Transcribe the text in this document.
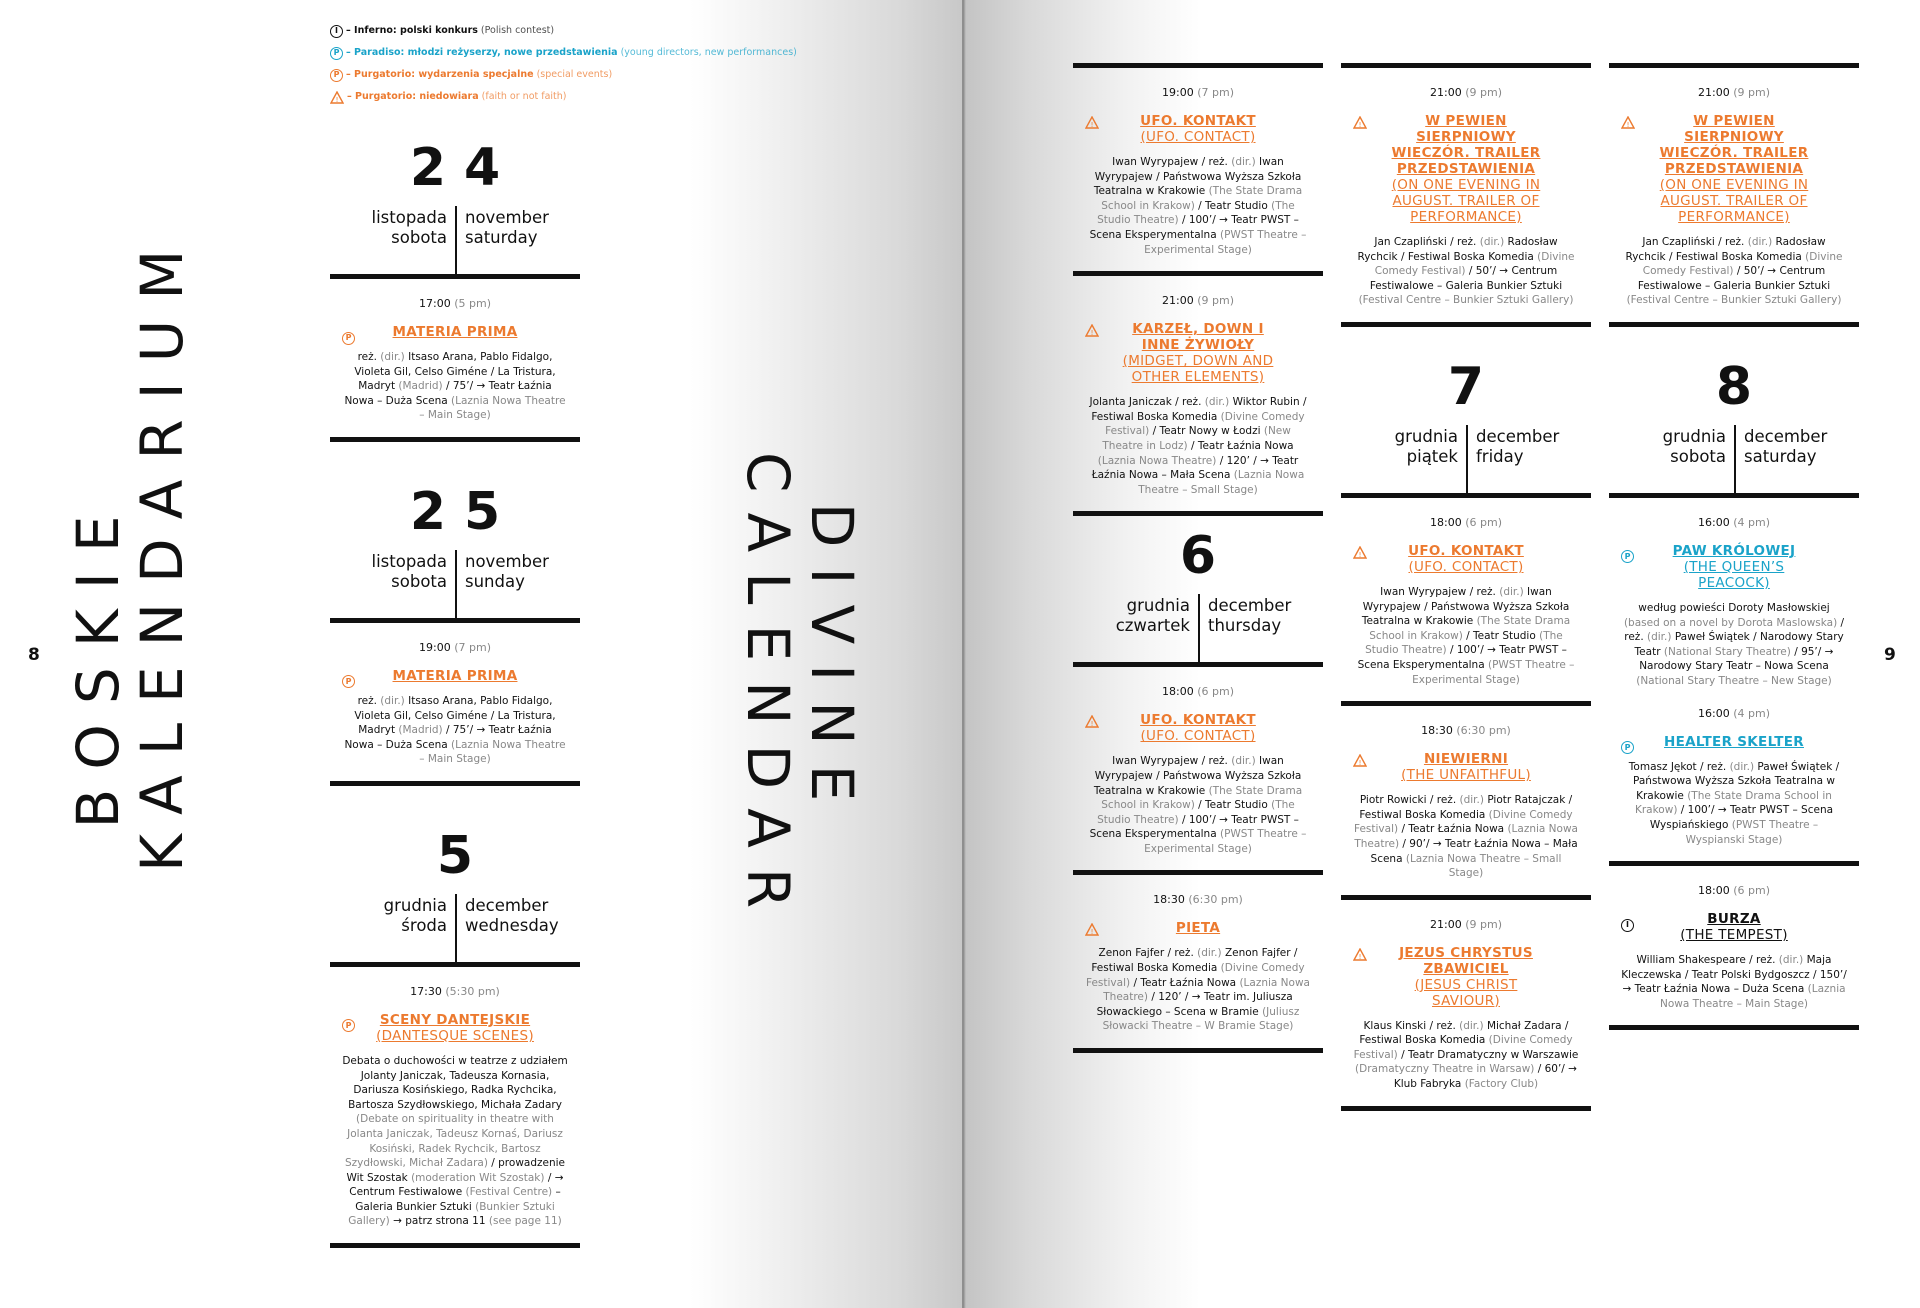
8	9
BOSKIE
KALENDARIUM	DIVINE
CALENDAR
I – Inferno: polski konkurs (Polish contest)
P – Paradiso: młodzi reżyserzy, nowe przedstawienia (young directors, new performances)
P – Purgatorio: wydarzenia specjalne (special events)
! – Purgatorio: niedowiara (faith or not faith)
24
listopada
sobota
november
saturday
17:00 (5 pm)
P	MATERIA PRIMA
reż. (dir.) Itsaso Arana, Pablo Fidalgo, Violeta Gil, Celso Giméne / La Tristura, Madryt (Madrid) / 75’/ → Teatr Łaźnia Nowa – Duża Scena (Laznia Nowa Theatre – Main Stage)
25
listopada
sobota
november
sunday
19:00 (7 pm)
P	MATERIA PRIMA
reż. (dir.) Itsaso Arana, Pablo Fidalgo, Violeta Gil, Celso Giméne / La Tristura, Madryt (Madrid) / 75’/ → Teatr Łaźnia Nowa – Duża Scena (Laznia Nowa Theatre – Main Stage)
5
grudnia
środa
december
wednesday
17:30 (5:30 pm)
P	SCENY DANTEJSKIE
(DANTESQUE SCENES)
Debata o duchowości w teatrze z udziałem Jolanty Janiczak, Tadeusza Kornasia, Dariusza Kosińskiego, Radka Rychcika, Bartosza Szydłowskiego, Michała Zadary (Debate on spirituality in theatre with Jolanta Janiczak, Tadeusz Kornaś, Dariusz Kosiński, Radek Rychcik, Bartosz Szydłowski, Michał Zadara) / prowadzenie Wit Szostak (moderation Wit Szostak) / → Centrum Festiwalowe (Festival Centre) – Galeria Bunkier Sztuki (Bunkier Sztuki Gallery) → patrz strona 11 (see page 11)
19:00 (7 pm)
!	UFO. KONTAKT
(UFO. CONTACT)
Iwan Wyrypajew / reż. (dir.) Iwan Wyrypajew / Państwowa Wyższa Szkoła Teatralna w Krakowie (The State Drama School in Krakow) / Teatr Studio (The Studio Theatre) / 100’/ → Teatr PWST – Scena Eksperymentalna (PWST Theatre – Experimental Stage)
21:00 (9 pm)
!	KARZEŁ, DOWN I INNE ŻYWIOŁY
(MIDGET, DOWN AND OTHER ELEMENTS)
Jolanta Janiczak / reż. (dir.) Wiktor Rubin / Festiwal Boska Komedia (Divine Comedy Festival) / Teatr Nowy w Łodzi (New Theatre in Lodz) / Teatr Łaźnia Nowa (Laznia Nowa Theatre) / 120’ / → Teatr Łaźnia Nowa – Mała Scena (Laznia Nowa Theatre – Small Stage)
6
grudnia
czwartek
december
thursday
18:00 (6 pm)
!	UFO. KONTAKT
(UFO. CONTACT)
Iwan Wyrypajew / reż. (dir.) Iwan Wyrypajew / Państwowa Wyższa Szkoła Teatralna w Krakowie (The State Drama School in Krakow) / Teatr Studio (The Studio Theatre) / 100’/ → Teatr PWST – Scena Eksperymentalna (PWST Theatre – Experimental Stage)
18:30 (6:30 pm)
!	PIETA
Zenon Fajfer / reż. (dir.) Zenon Fajfer / Festiwal Boska Komedia (Divine Comedy Festival) / Teatr Łaźnia Nowa (Laznia Nowa Theatre) / 120’ / → Teatr im. Juliusza Słowackiego – Scena w Bramie (Juliusz Słowacki Theatre – W Bramie Stage)
21:00 (9 pm)
!	W PEWIEN SIERPNIOWY WIECZÓR. TRAILER PRZEDSTAWIENIA
(ON ONE EVENING IN AUGUST. TRAILER OF PERFORMANCE)
Jan Czapliński / reż. (dir.) Radosław Rychcik / Festiwal Boska Komedia (Divine Comedy Festival) / 50’/ → Centrum Festiwalowe – Galeria Bunkier Sztuki (Festival Centre – Bunkier Sztuki Gallery)
7
grudnia
piątek
december
friday
18:00 (6 pm)
!	UFO. KONTAKT
(UFO. CONTACT)
Iwan Wyrypajew / reż. (dir.) Iwan Wyrypajew / Państwowa Wyższa Szkoła Teatralna w Krakowie (The State Drama School in Krakow) / Teatr Studio (The Studio Theatre) / 100’/ → Teatr PWST – Scena Eksperymentalna (PWST Theatre – Experimental Stage)
18:30 (6:30 pm)
!	NIEWIERNI
(THE UNFAITHFUL)
Piotr Rowicki / reż. (dir.) Piotr Ratajczak / Festiwal Boska Komedia (Divine Comedy Festival) / Teatr Łaźnia Nowa (Laznia Nowa Theatre) / 90’/ → Teatr Łaźnia Nowa – Mała Scena (Laznia Nowa Theatre – Small Stage)
21:00 (9 pm)
!	JEZUS CHRYSTUS ZBAWICIEL
(JESUS CHRIST SAVIOUR)
Klaus Kinski / reż. (dir.) Michał Zadara / Festiwal Boska Komedia (Divine Comedy Festival) / Teatr Dramatyczny w Warszawie (Dramatyczny Theatre in Warsaw) / 60’/ → Klub Fabryka (Factory Club)
21:00 (9 pm)
!	W PEWIEN SIERPNIOWY WIECZÓR. TRAILER PRZEDSTAWIENIA
(ON ONE EVENING IN AUGUST. TRAILER OF PERFORMANCE)
Jan Czapliński / reż. (dir.) Radosław Rychcik / Festiwal Boska Komedia (Divine Comedy Festival) / 50’/ → Centrum Festiwalowe – Galeria Bunkier Sztuki (Festival Centre – Bunkier Sztuki Gallery)
8
grudnia
sobota
december
saturday
16:00 (4 pm)
P	PAW KRÓLOWEJ
(THE QUEEN’S PEACOCK)
według powieści Doroty Masłowskiej (based on a novel by Dorota Maslowska) / reż. (dir.) Paweł Świątek / Narodowy Stary Teatr (National Stary Theatre) / 95’/ → Narodowy Stary Teatr – Nowa Scena (National Stary Theatre – New Stage)
16:00 (4 pm)
P	HEALTER SKELTER
Tomasz Jękot / reż. (dir.) Paweł Świątek / Państwowa Wyższa Szkoła Teatralna w Krakowie (The State Drama School in Krakow) / 100’/ → Teatr PWST – Scena Wyspiańskiego (PWST Theatre – Wyspianski Stage)
18:00 (6 pm)
I	BURZA
(THE TEMPEST)
William Shakespeare / reż. (dir.) Maja Kleczewska / Teatr Polski Bydgoszcz / 150’/ → Teatr Łaźnia Nowa – Duża Scena (Laznia Nowa Theatre – Main Stage)
